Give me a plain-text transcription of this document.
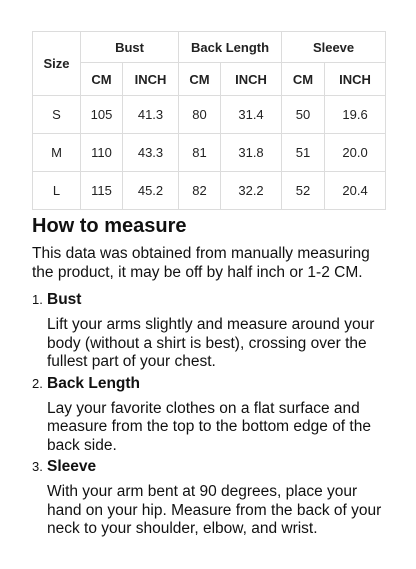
Size	Bust		Back Length		Sleeve	
	CM	INCH	CM	INCH	CM	INCH
S	105	41.3	80	31.4	50	19.6
M	110	43.3	81	31.8	51	20.0
L	115	45.2	82	32.2	52	20.4
How to measure

This data was obtained from manually measuring the product, it may be off by half inch or 1-2 CM.

1. Bust

Lift your arms slightly and measure around your body (without a shirt is best), crossing over the fullest part of your chest.

2. Back Length

Lay your favorite clothes on a flat surface and measure from the top to the bottom edge of the back side.

3. Sleeve

With your arm bent at 90 degrees, place your hand on your hip. Measure from the back of your neck to your shoulder, elbow, and wrist.
